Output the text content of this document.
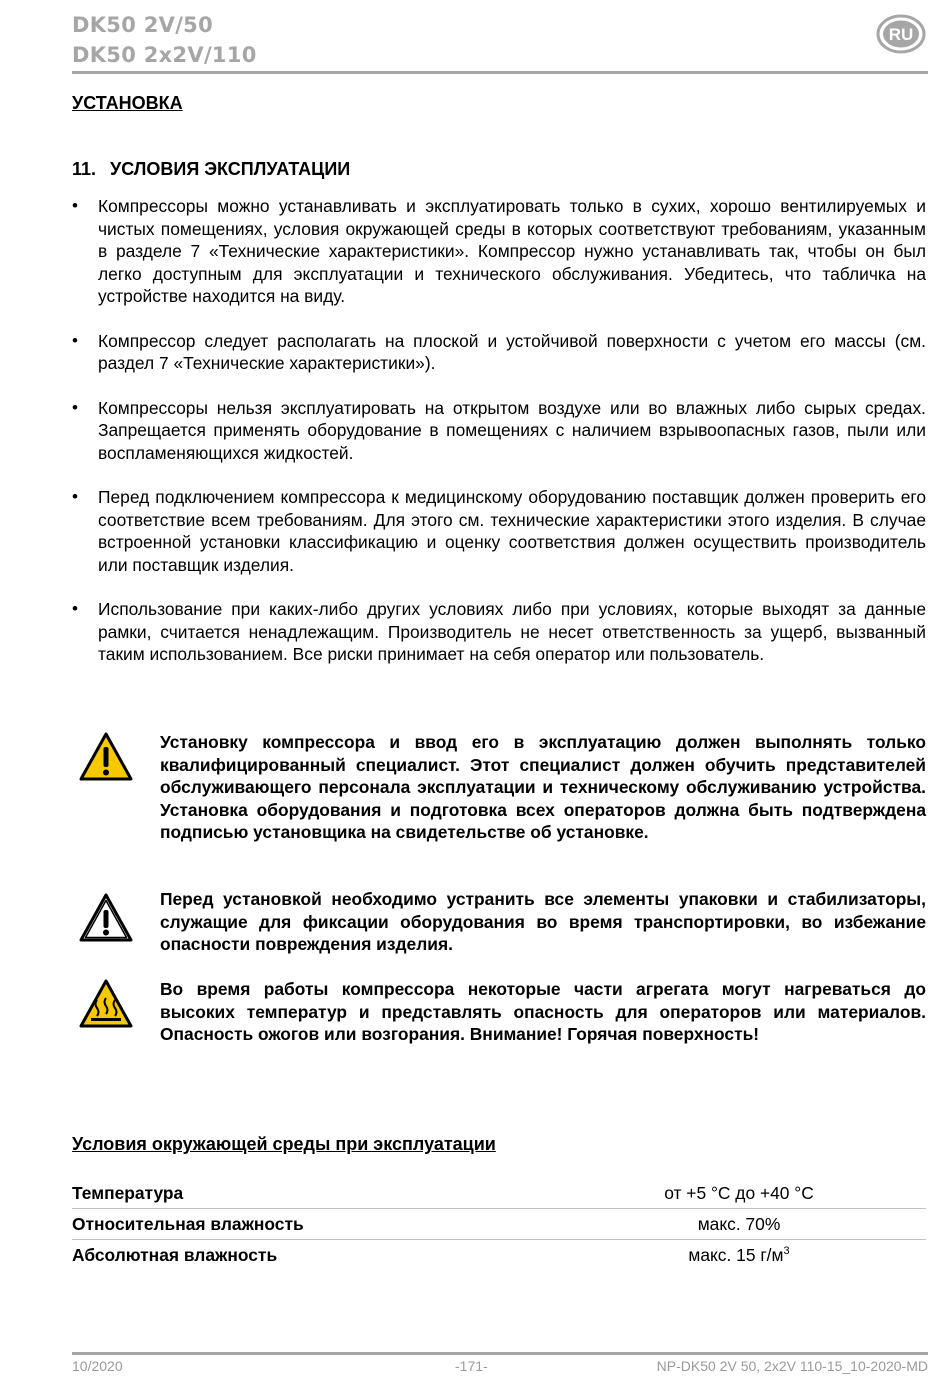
DK50 2V/50
DK50 2x2V/110
RU
УСТАНОВКА
11. УСЛОВИЯ ЭКСПЛУАТАЦИИ
• Компрессоры можно устанавливать и эксплуатировать только в сухих, хорошо вентилируемых и чистых помещениях, условия окружающей среды в которых соответствуют требованиям, указанным в разделе 7 «Технические характеристики». Компрессор нужно устанавливать так, чтобы он был легко доступным для эксплуатации и технического обслуживания. Убедитесь, что табличка на устройстве находится на виду.
• Компрессор следует располагать на плоской и устойчивой поверхности с учетом его массы (см. раздел 7 «Технические характеристики»).
• Компрессоры нельзя эксплуатировать на открытом воздухе или во влажных либо сырых средах. Запрещается применять оборудование в помещениях с наличием взрывоопасных газов, пыли или воспламеняющихся жидкостей.
• Перед подключением компрессора к медицинскому оборудованию поставщик должен проверить его соответствие всем требованиям. Для этого см. технические характеристики этого изделия. В случае встроенной установки классификацию и оценку соответствия должен осуществить производитель или поставщик изделия.
• Использование при каких-либо других условиях либо при условиях, которые выходят за данные рамки, считается ненадлежащим. Производитель не несет ответственность за ущерб, вызванный таким использованием. Все риски принимает на себя оператор или пользователь.
Установку компрессора и ввод его в эксплуатацию должен выполнять только квалифицированный специалист. Этот специалист должен обучить представителей обслуживающего персонала эксплуатации и техническому обслуживанию устройства. Установка оборудования и подготовка всех операторов должна быть подтверждена подписью установщика на свидетельстве об установке.
Перед установкой необходимо устранить все элементы упаковки и стабилизаторы, служащие для фиксации оборудования во время транспортировки, во избежание опасности повреждения изделия.
Во время работы компрессора некоторые части агрегата могут нагреваться до высоких температур и представлять опасность для операторов или материалов. Опасность ожогов или возгорания. Внимание! Горячая поверхность!
Условия окружающей среды при эксплуатации
Температура	от +5 °C до +40 °C
Относительная влажность	макс. 70%
Абсолютная влажность	макс. 15 $г/м^3$
10/2020	-171-	NP-DK50 2V 50, 2x2V 110-15_10-2020-MD
